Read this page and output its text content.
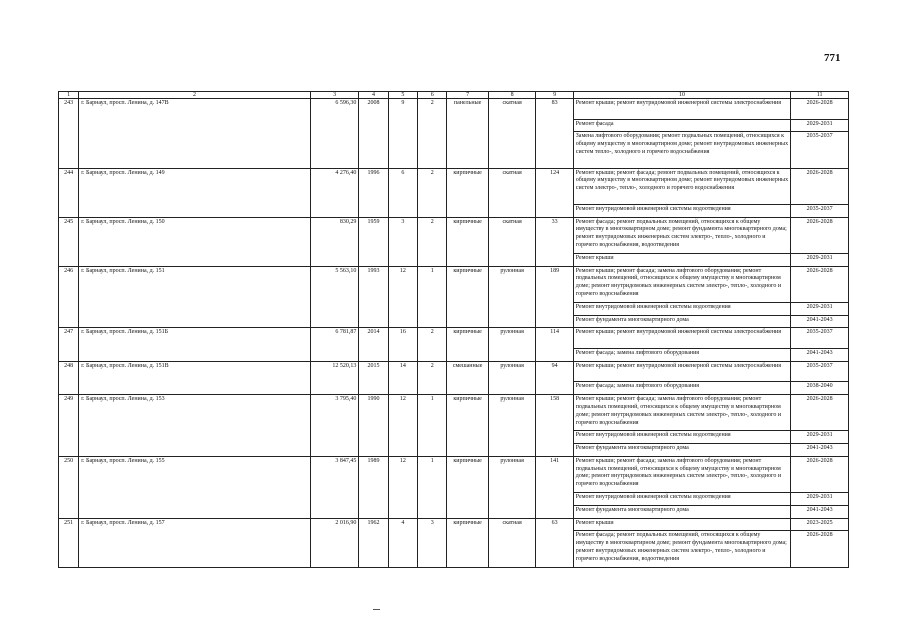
771
1	2	3	4	5	6	7	8	9	10	11
243	г. Барнаул, просп. Ленина, д. 147В	6 596,30	2008	9	2	панельные	скатная	83	Ремонт крыши; ремонт внутридомовой инженерной системы электроснабжения	2026-2028
									Ремонт фасада	2029-2031
									Замена лифтового оборудования; ремонт подвальных помещений, относящихся к общему имуществу в многоквартирном доме; ремонт внутридомовых инженерных систем тепло-, холодного и горячего водоснабжения	2035-2037
244	г. Барнаул, просп. Ленина, д. 149	4 276,40	1996	6	2	кирпичные	скатная	124	Ремонт крыши; ремонт фасада; ремонт подвальных помещений, относящихся к общему имуществу в многоквартирном доме; ремонт внутридомовых инженерных систем электро-, тепло-, холодного и горячего водоснабжения	2026-2028
									Ремонт внутридомовой инженерной системы водоотведения	2035-2037
245	г. Барнаул, просп. Ленина, д. 150	830,29	1959	3	2	кирпичные	скатная	33	Ремонт фасада; ремонт подвальных помещений, относящихся к общему имуществу в многоквартирном доме; ремонт фундамента многоквартирного дома; ремонт внутридомовых инженерных систем электро-, тепло-, холодного и горячего водоснабжения, водоотведения	2026-2028
									Ремонт крыши	2029-2031
246	г. Барнаул, просп. Ленина, д. 151	5 563,10	1993	12	1	кирпичные	рулонная	189	Ремонт крыши; ремонт фасада; замена лифтового оборудования; ремонт подвальных помещений, относящихся к общему имуществу в многоквартирном доме; ремонт внутридомовых инженерных систем электро-, тепло-, холодного и горячего водоснабжения	2026-2028
									Ремонт внутридомовой инженерной системы водоотведения	2029-2031
									Ремонт фундамента многоквартирного дома	2041-2043
247	г. Барнаул, просп. Ленина, д. 151Б	6 781,87	2014	16	2	кирпичные	рулонная	114	Ремонт крыши; ремонт внутридомовой инженерной системы электроснабжения	2035-2037
									Ремонт фасада; замена лифтового оборудования	2041-2043
248	г. Барнаул, просп. Ленина, д. 151В	12 520,13	2015	14	2	смешанные	рулонная	94	Ремонт крыши; ремонт внутридомовой инженерной системы электроснабжения	2035-2037
									Ремонт фасада; замена лифтового оборудования	2038-2040
249	г. Барнаул, просп. Ленина, д. 153	3 795,40	1990	12	1	кирпичные	рулонная	158	Ремонт крыши; ремонт фасада; замена лифтового оборудования; ремонт подвальных помещений, относящихся к общему имуществу в многоквартирном доме; ремонт внутридомовых инженерных систем электро-, тепло-, холодного и горячего водоснабжения	2026-2028
									Ремонт внутридомовой инженерной системы водоотведения	2029-2031
									Ремонт фундамента многоквартирного дома	2041-2043
250	г. Барнаул, просп. Ленина, д. 155	3 847,45	1989	12	1	кирпичные	рулонная	141	Ремонт крыши; ремонт фасада; замена лифтового оборудования; ремонт подвальных помещений, относящихся к общему имуществу в многоквартирном доме; ремонт внутридомовых инженерных систем электро-, тепло-, холодного и горячего водоснабжения	2026-2028
									Ремонт внутридомовой инженерной системы водоотведения	2029-2031
									Ремонт фундамента многоквартирного дома	2041-2043
251	г. Барнаул, просп. Ленина, д. 157	2 016,90	1962	4	3	кирпичные	скатная	63	Ремонт крыши	2023-2025
									Ремонт фасада; ремонт подвальных помещений, относящихся к общему имуществу в многоквартирном доме; ремонт фундамента многоквартирного дома; ремонт внутридомовых инженерных систем электро-, тепло-, холодного и горячего водоснабжения, водоотведения	2026-2028
